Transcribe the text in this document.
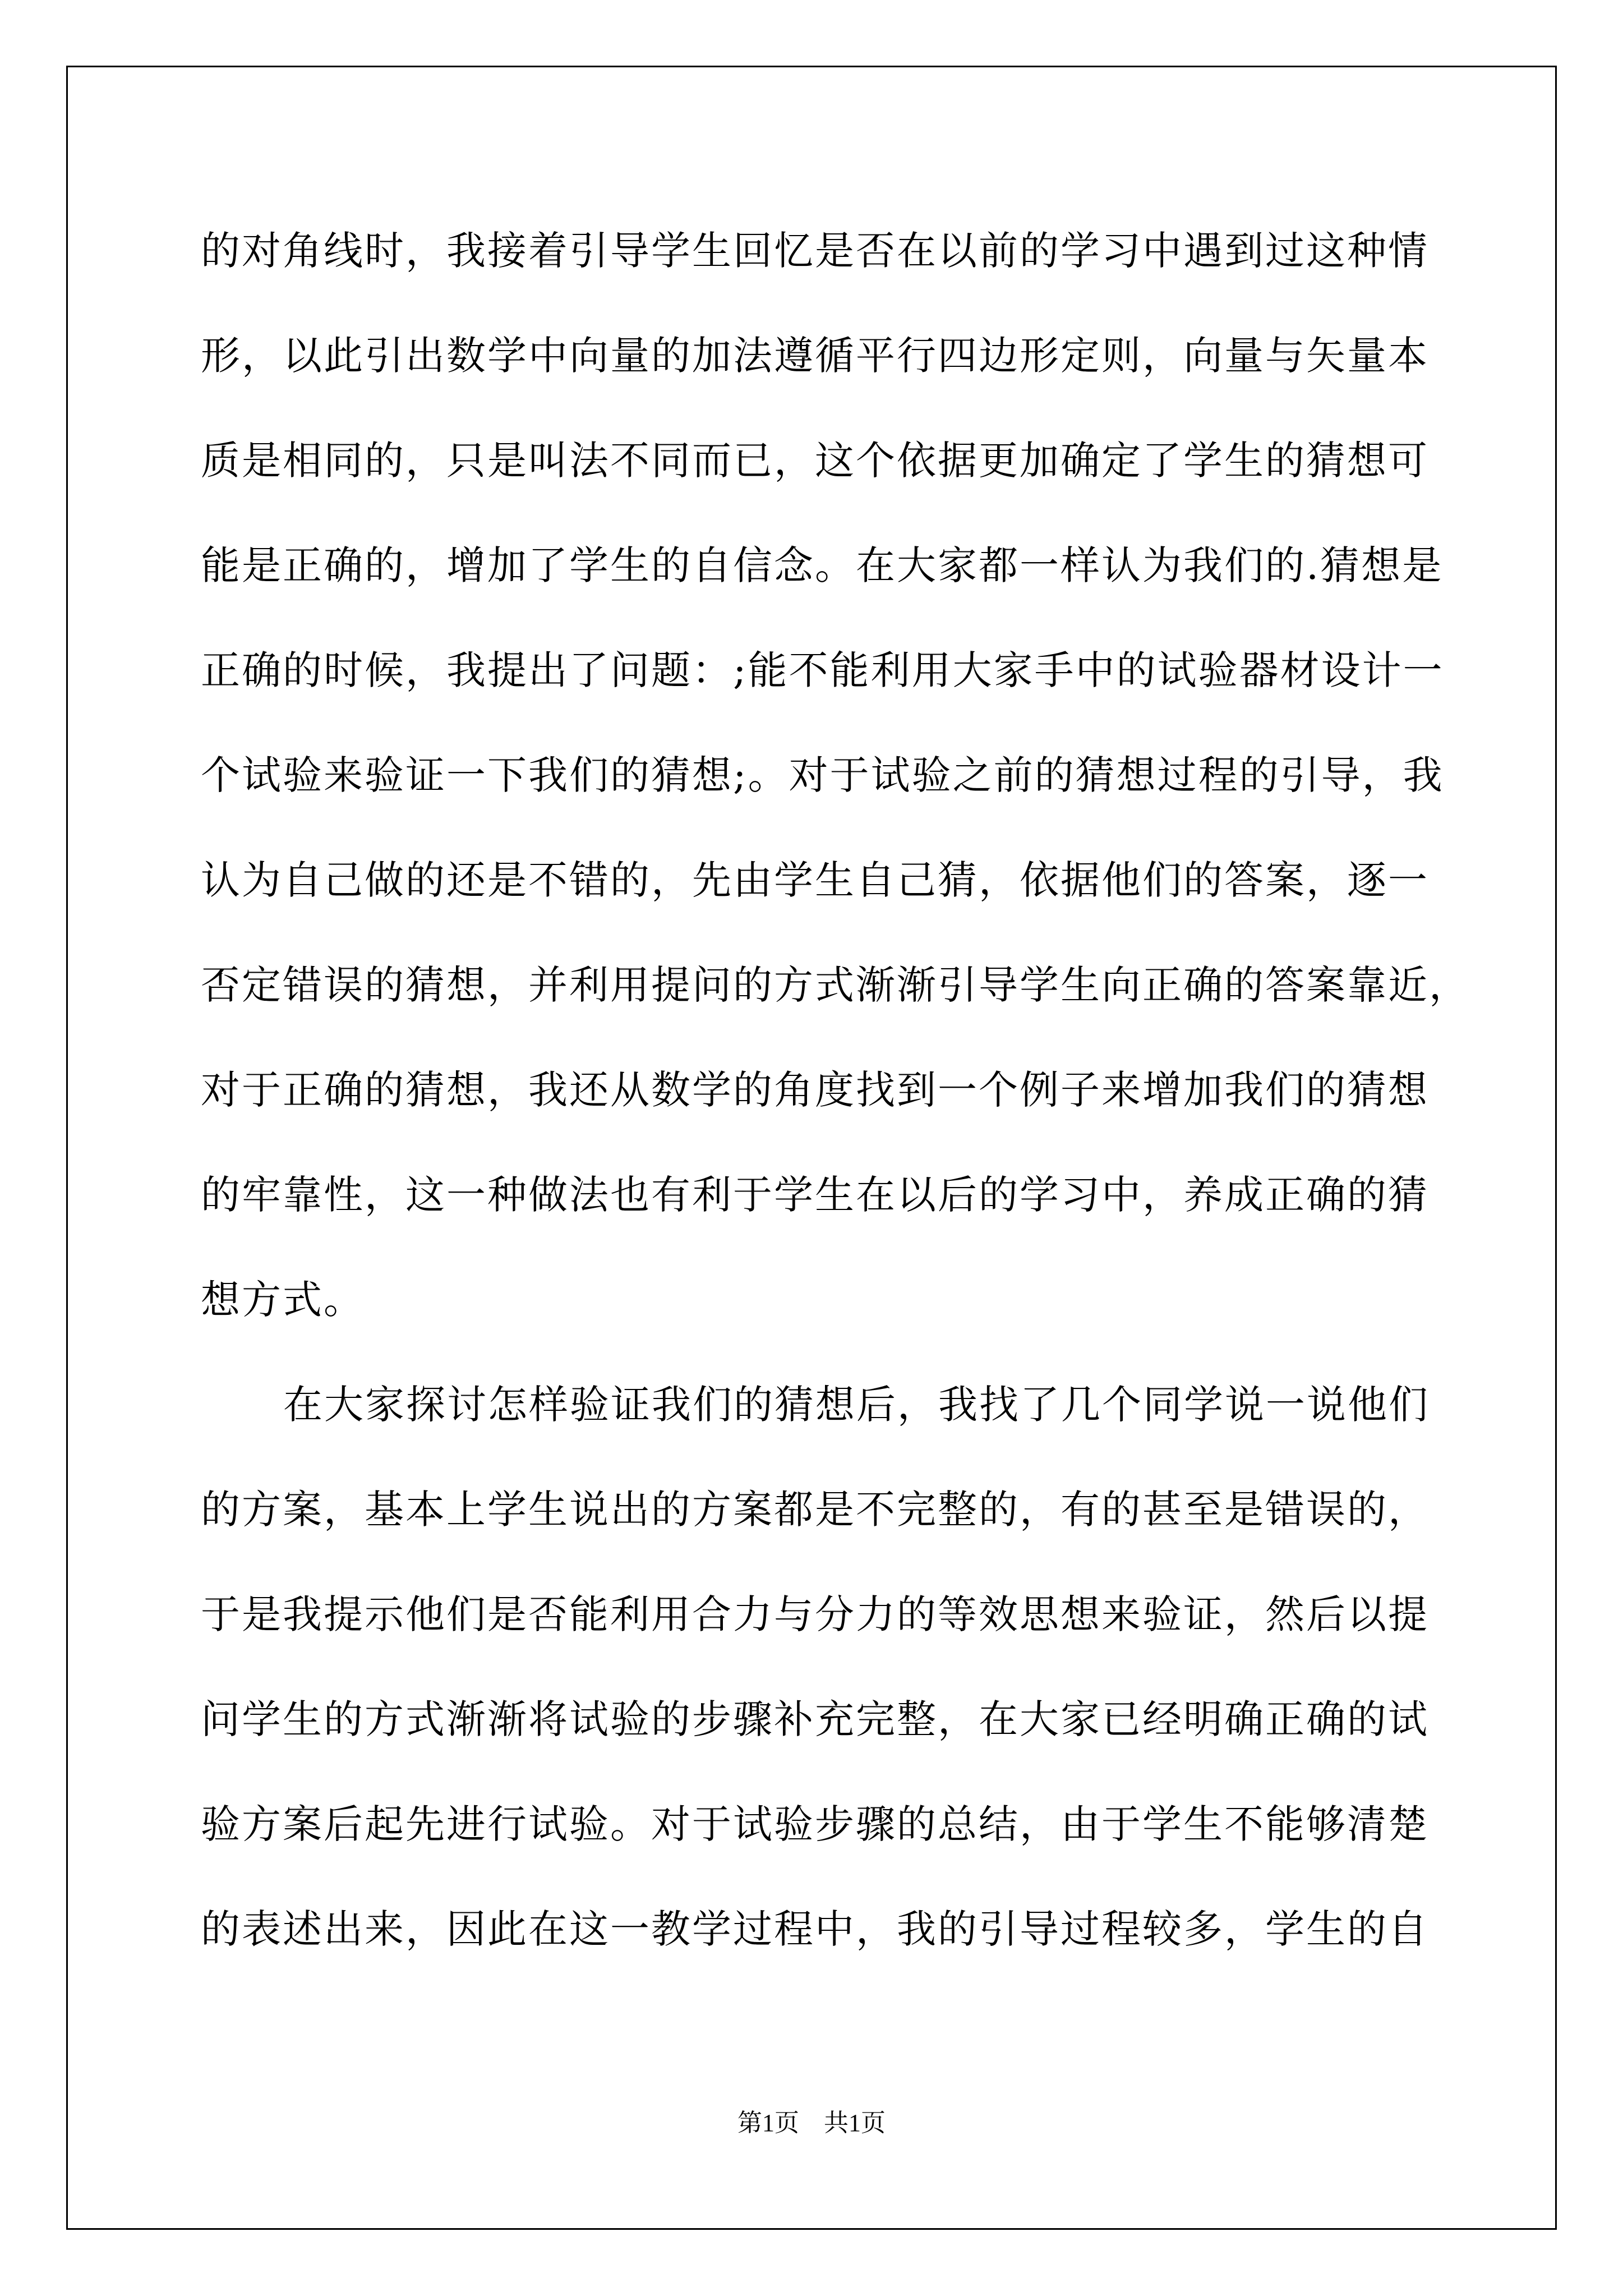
的对角线时，我接着引导学生回忆是否在以前的学习中遇到过这种情
形，以此引出数学中向量的加法遵循平行四边形定则，向量与矢量本
质是相同的，只是叫法不同而已，这个依据更加确定了学生的猜想可
能是正确的，增加了学生的自信念。在大家都一样认为我们的.猜想是
正确的时候，我提出了问题：;能不能利用大家手中的试验器材设计一
个试验来验证一下我们的猜想;。对于试验之前的猜想过程的引导，我
认为自己做的还是不错的，先由学生自己猜，依据他们的答案，逐一
否定错误的猜想，并利用提问的方式渐渐引导学生向正确的答案靠近，
对于正确的猜想，我还从数学的角度找到一个例子来增加我们的猜想
的牢靠性，这一种做法也有利于学生在以后的学习中，养成正确的猜
想方式。
在大家探讨怎样验证我们的猜想后，我找了几个同学说一说他们
的方案，基本上学生说出的方案都是不完整的，有的甚至是错误的，
于是我提示他们是否能利用合力与分力的等效思想来验证，然后以提
问学生的方式渐渐将试验的步骤补充完整，在大家已经明确正确的试
验方案后起先进行试验。对于试验步骤的总结，由于学生不能够清楚
的表述出来，因此在这一教学过程中，我的引导过程较多，学生的自
第1页　共1页
